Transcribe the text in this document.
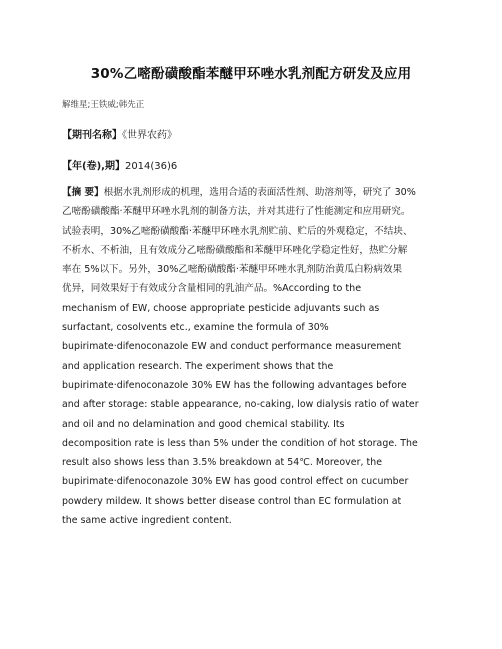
30%乙嘧酚磺酸酯苯醚甲环唑水乳剂配方研发及应用
解维星;王铁威;韩先正
【期刊名称】《世界农药》
【年(卷),期】2014(36)6
【摘 要】根据水乳剂形成的机理，选用合适的表面活性剂、助溶剂等，研究了 30%
乙嘧酚磺酸酯·苯醚甲环唑水乳剂的制备方法，并对其进行了性能测定和应用研究。
试验表明，30%乙嘧酚磺酸酯·苯醚甲环唑水乳剂贮前、贮后的外观稳定，不结块、
不析水、不析油，且有效成分乙嘧酚磺酸酯和苯醚甲环唑化学稳定性好，热贮分解
率在 5%以下。另外，30%乙嘧酚磺酸酯·苯醚甲环唑水乳剂防治黄瓜白粉病效果
优异，同效果好于有效成分含量相同的乳油产品。%According to the
mechanism of EW, choose appropriate pesticide adjuvants such as
surfactant, cosolvents etc., examine the formula of 30%
bupirimate·difenoconazole EW and conduct performance measurement
and application research. The experiment shows that the
bupirimate·difenoconazole 30% EW has the following advantages before
and after storage: stable appearance, no-caking, low dialysis ratio of water
and oil and no delamination and good chemical stability. Its
decomposition rate is less than 5% under the condition of hot storage. The
result also shows less than 3.5% breakdown at 54℃. Moreover, the
bupirimate·difenoconazole 30% EW has good control effect on cucumber
powdery mildew. It shows better disease control than EC formulation at
the same active ingredient content.
